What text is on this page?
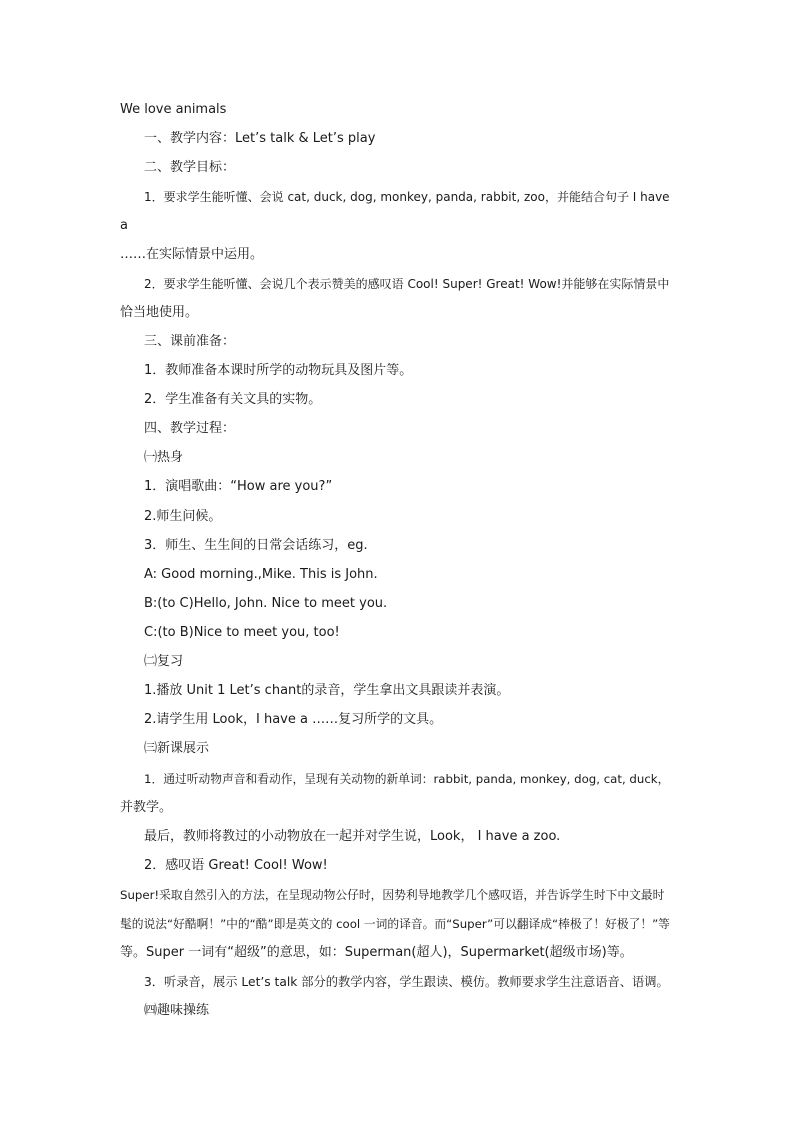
We love animals
一、教学内容：Let’s talk & Let’s play
二、教学目标：
1．要求学生能听懂、会说 cat, duck, dog, monkey, panda, rabbit, zoo，并能结合句子 I have
a
……在实际情景中运用。
2．要求学生能听懂、会说几个表示赞美的感叹语 Cool! Super! Great! Wow!并能够在实际情景中
恰当地使用。
三、课前准备：
1．教师准备本课时所学的动物玩具及图片等。
2．学生准备有关文具的实物。
四、教学过程：
㈠热身
1．演唱歌曲：“How are you?”
2.师生问候。
3．师生、生生间的日常会话练习，eg.
A: Good morning.,Mike. This is John.
B:(to C)Hello, John. Nice to meet you.
C:(to B)Nice to meet you, too!
㈡复习
1.播放 Unit 1 Let’s chant的录音，学生拿出文具跟读并表演。
2.请学生用 Look，I have a ……复习所学的文具。
㈢新课展示
1．通过听动物声音和看动作，呈现有关动物的新单词：rabbit, panda, monkey, dog, cat, duck，
并教学。
最后，教师将教过的小动物放在一起并对学生说，Look， I have a zoo.
2．感叹语 Great! Cool! Wow!
Super!采取自然引入的方法，在呈现动物公仔时，因势利导地教学几个感叹语，并告诉学生时下中文最时
髦的说法“好酷啊！”中的“酷”即是英文的 cool 一词的译音。而“Super”可以翻译成“棒极了！好极了！”等
等。Super 一词有“超级”的意思，如：Superman(超人)，Supermarket(超级市场)等。
3．听录音，展示 Let’s talk 部分的教学内容，学生跟读、模仿。教师要求学生注意语音、语调。
㈣趣味操练
